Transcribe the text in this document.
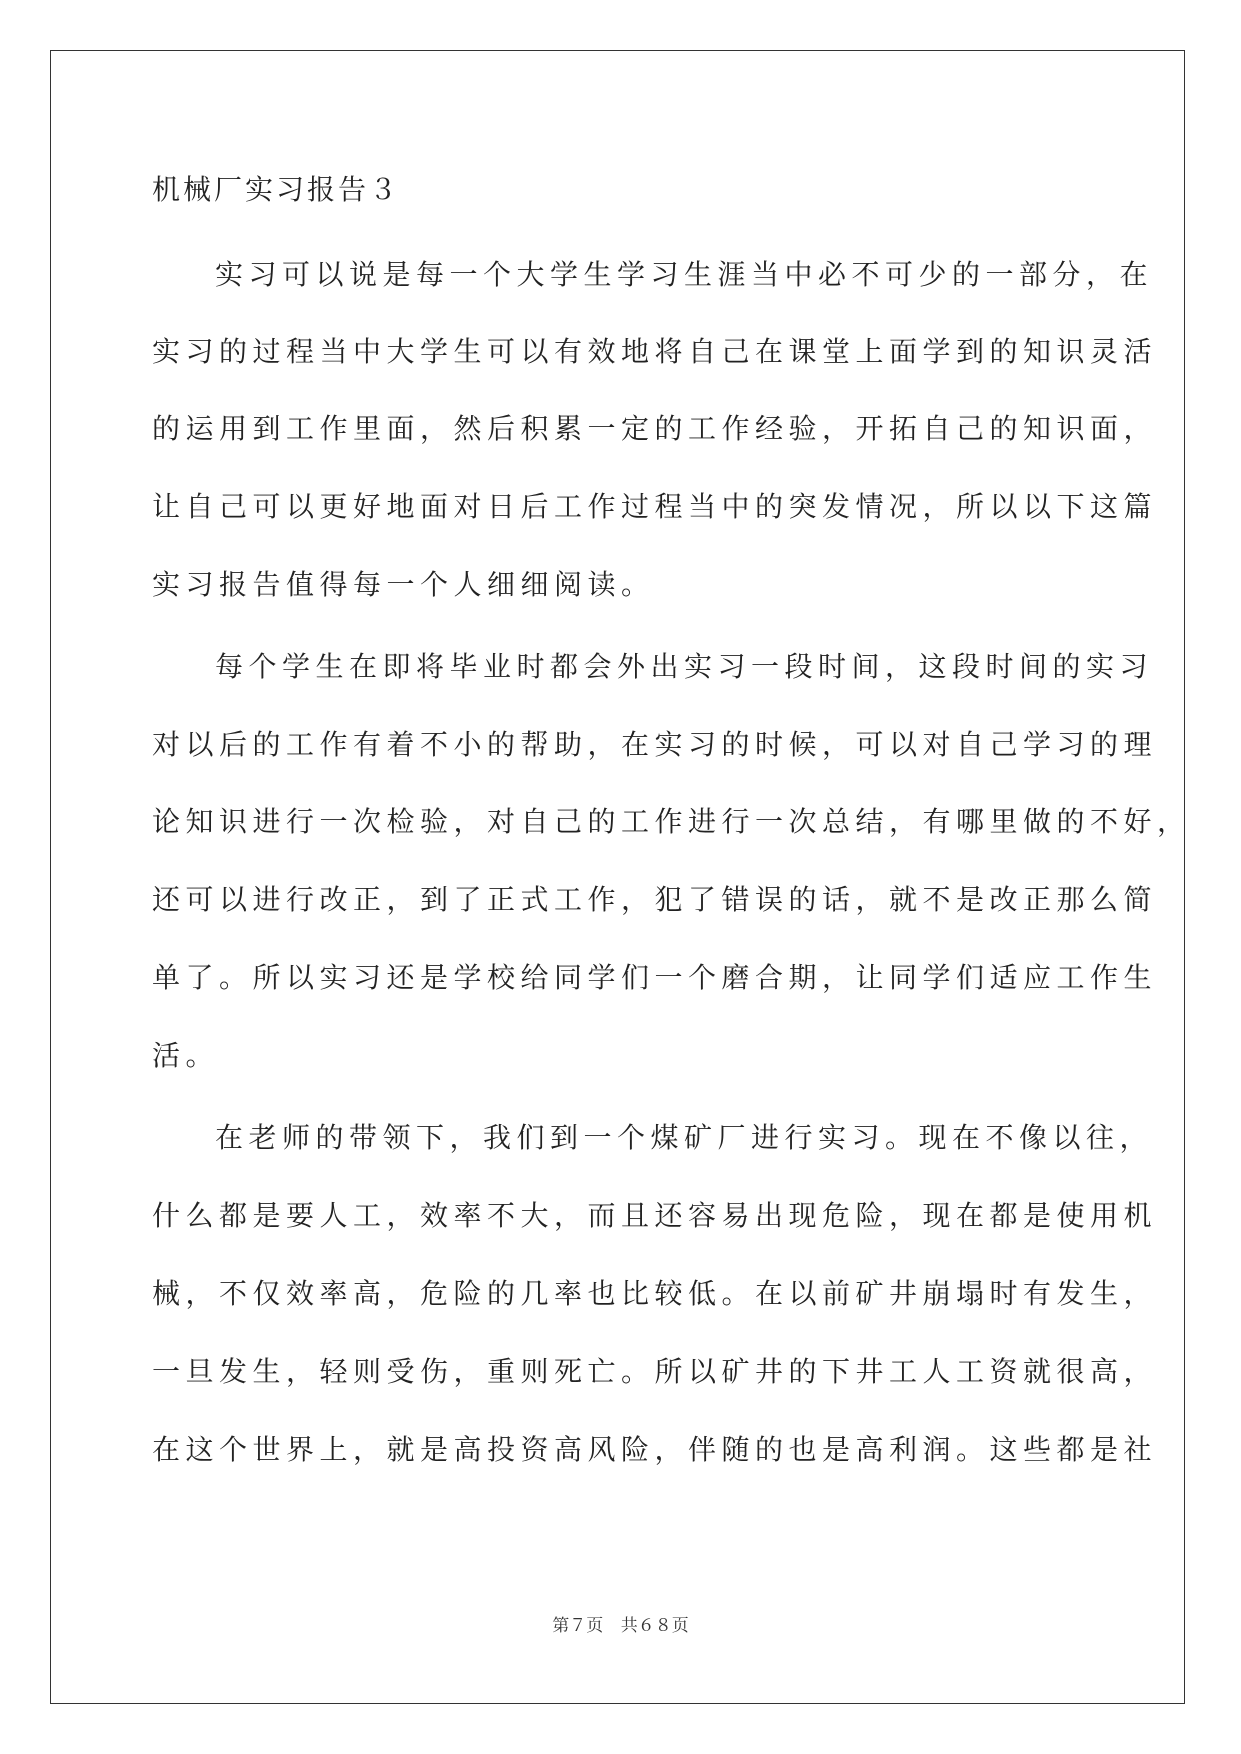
机械厂实习报告３
实习可以说是每一个大学生学习生涯当中必不可少的一部分，在
实习的过程当中大学生可以有效地将自己在课堂上面学到的知识灵活
的运用到工作里面，然后积累一定的工作经验，开拓自己的知识面，
让自己可以更好地面对日后工作过程当中的突发情况，所以以下这篇
实习报告值得每一个人细细阅读。
每个学生在即将毕业时都会外出实习一段时间，这段时间的实习
对以后的工作有着不小的帮助，在实习的时候，可以对自己学习的理
论知识进行一次检验，对自己的工作进行一次总结，有哪里做的不好，
还可以进行改正，到了正式工作，犯了错误的话，就不是改正那么简
单了。所以实习还是学校给同学们一个磨合期，让同学们适应工作生
活。
在老师的带领下，我们到一个煤矿厂进行实习。现在不像以往，
什么都是要人工，效率不大，而且还容易出现危险，现在都是使用机
械，不仅效率高，危险的几率也比较低。在以前矿井崩塌时有发生，
一旦发生，轻则受伤，重则死亡。所以矿井的下井工人工资就很高，
在这个世界上，就是高投资高风险，伴随的也是高利润。这些都是社
第７页 共６８页
